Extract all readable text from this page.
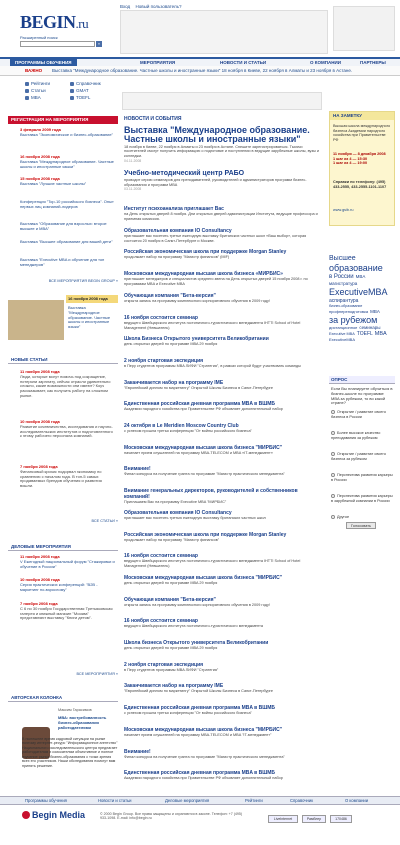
BEGIN.ru
Вход Новый пользователь?
Расширенный поиск
»
ПРОГРАММЫ ОБУЧЕНИЯ	МЕРОПРИЯТИЯ	НОВОСТИ И СТАТЬИ	О КОМПАНИИ	ПАРТНЕРЫ
ВАЖНО Выставка "Международное образование. Частные школы и иностранные языки" 18 ноября в Киеве, 22 ноября в Алматы и 23 ноября в Астане.
Рейтинги	Справочник
Статьи	GMAT
MBA	TOEFL
РЕГИСТРАЦИЯ НА МЕРОПРИЯТИЯ
3 февраля 2009 года
Выставка "Экономическое и бизнес-образование"
16 ноября 2008 года
Выставка "Международное образование. Частные школы и иностранные языки"
15 ноября 2008 года
Выставка "Лучшие частные школы"
Конференция "Top-10 российского бизнеса". Опыт первых лиц компаний-лидеров
Выставка "Образование для взрослых: второе высшее и MBA"
Выставка "Высшее образование для вашей дети"
Выставка "Executive MBA и обучение для топ менеджеров"
ВСЕ МЕРОПРИЯТИЯ BEGIN GROUP »
16 ноября 2008 года
Выставка "Международное образование. Частные школы и иностранные языки"
НОВЫЕ СТАТЬИ
11 ноября 2008 года
Люди, которые могут помочь под сокращение, потеряли зарплату, сейчас отрасли удивительно сложно, какие возможности они имеют? Коуч рассказывает, как получить работу на сложном рынке.
10 ноября 2008 года
Развитие кочевничества, исследования и научно-исследовательских институтов и подготовленного к этому рабочего персонала компаний.
7 ноября 2008 года
Финансовый кризис подорвал экономику по сравнению с началом года. В топ-5 самых продаваемых брендов обучения и развития вошли.
ВСЕ СТАТЬИ »
ДЕЛОВЫЕ МЕРОПРИЯТИЯ
11 ноября 2008 года
V Ежегодный национальный форум "Стажировки и обучение в России"
10 ноября 2008 года
Серия практических конференций: "B2B - маркетинг по-взрослому"
7 ноября 2008 года
С 6 по 30 ноября Государственная Третьяковская галерея и книжный магазин "Москва" представляют выставку "Книги детям".
ВСЕ МЕРОПРИЯТИЯ »
АВТОРСКАЯ КОЛОНКА
Максим Гарасимов
МВА: востребованность бизнес-образования работодателями
В нынешнее время кадровой ситуации на рынке поэтому интернет-ресурс "Информационное агентство" Национального исследовательского центра предлагает работодателям и соискателям объективное и полное изучение рынка бизнес-образования с точки зрения всех его участников. Наши обследования помогут вам принять решение.
НОВОСТИ И СОБЫТИЯ
Выставка "Международное образование. Частные школы и иностранные языки"
18 ноября в Киеве, 22 ноября в Алматы и 23 ноября в Астане. Спешите зарегистрироваться. Тысячи посетителей смогут получить информацию о подготовке и поступлении в ведущие зарубежные школы, вузы и колледжи.
04.11.2008
Учебно-методический центр РАБО
проводит серию семинаров для преподавателей, руководителей и администраторов программ бизнес-образования и программ MBA
03.11.2008
Институт психоанализа приглашает Вас
на День открытых дверей 8 ноября. Дни открытых дверей администрации Института, ведущие профессора и приемная комиссия.
Образовательная компания IO Consultancy
приглашает вас посетить третье ежегодную выставку британских частных школ «Ваш выбор», которая состоится 20 ноября в Санкт-Петербурге и Москве.
Российская экономическая школа при поддержке Morgan Stanley
продолжает набор на программу "Магистр финансов" (MIF)
Московская международная высшая школа бизнеса «МИРБИС»
приглашает менеджеров и специалистов среднего звена на День открытых дверей 15 ноября 2008 г. по программам MBA и Executive MBA
Обучающая компания "Бета-версия"
открыта запись на программу комплексного корпоративного обучения в 2009 году!
16 ноября состоится семинар
ведущего Швейцарского института гостиничного-туристического менеджмента IHTTI School of Hotel Management (Невшатель)
Школа Бизнеса Открытого университета Великобритании
день открытых дверей по программе MBA 29 ноября
2 ноября стартовая экспедиция
в Перу студентов программы MBA ЛИФИ "Стратегия", в рамках которой будут участвовать команды
Заканчивается набор на программу IME
"Европейский диплом по маркетингу" Открытой Школы Бизнеса в Санкт-Петербурге
Единственная российская дневная программа MBA в ВШМБ
Академии народного хозяйства при Правительстве РФ объявляет дополнительный набор
24 октября в Le Meridien Moscow Country Club
с успехом прошла третья конференция "От войны российского бизнеса"
Московская международная высшая школа бизнеса "МИРБИС"
начинает прием слушателей на программу MBA-TELECOM и MBA «IT-менеджмент»
Внимание!
Финал конкурса на получение гранта по программе "Магистр практического менеджмента"
Внимание генеральных директоров, руководителей и собственников компаний!
Приглашаем Вас на программу Executive MBA "МИРБИС"
Образовательная компания IO Consultancy
приглашает вас посетить третью ежегодную выставку британских частных школ
Российская экономическая школа при поддержке Morgan Stanley
продолжает набор на программу "Магистр финансов"
16 ноября состоится семинар
ведущего Швейцарского института гостиничного-туристического менеджмента IHTTI School of Hotel Management (Невшатель)
Московская международная высшая школа бизнеса "МИРБИС"
день открытых дверей по программе MBA 29 ноября
Обучающая компания "Бета-версия"
открыта запись на программу комплексного корпоративного обучения в 2009 году!
16 ноября состоится семинар
ведущего Швейцарского института гостиничного-туристического менеджмента
Школа бизнеса Открытого университета Великобритании
день открытых дверей по программе MBA 29 ноября
2 ноября стартовая экспедиция
в Перу студентов программы MBA ЛИФИ "Стратегия"
Заканчивается набор на программу IME
"Европейский диплом по маркетингу" Открытой Школы Бизнеса в Санкт-Петербурге
Единственная российская дневная программа MBA в ВШМБ
с успехом прошла третья конференция "От войны российского бизнеса"
Московская международная высшая школа бизнеса "МИРБИС"
начинает прием слушателей на программу MBA-TELECOM и MBA "IT-менеджмент"
Внимание!
Финал конкурса на получение гранта по программе "Магистр практического менеджмента"
Единственная российская дневная программа MBA в ВШМБ
Академии народного хозяйства при Правительстве РФ объявляет дополнительный набор
НА ЗАМЕТКУ
Высшая школа международного бизнеса Академии народного хозяйства при Правительстве РФ
11 ноября — 8 декабря 2008
1 шаг из 4 — 15:30
1 шаг из 4 — 19:00
Справки по телефону: (495) 433-2555, 433-2555-1101-1107
www.gsib.ru
Высшееобразованиев России MBAмагистратураExecutiveMBAаспирантурабизнес-образованиепрофпереподготовка MBAза рубежомдистанционное семинарыExecutive MBA TOEFL MBAExecutiveMBA
ОПРОС
Если Вы планируете обучиться в бизнес-школе по программе MBA за рубежом, то во какой стране?
Открытие / развитие своего бизнеса в России
Более высокое качество преподавания за рубежом
Открытие / развитие своего бизнеса за рубежом
Перспектива развития карьеры в России
Перспектива развития карьеры в зарубежной компании в России
Другое
Голосовать
Программы обучения	Новости и статьи	Деловые мероприятия	Рейтинги	Справочник	О компании
Begin Media	© 2000 Begin Group. Все права защищены и охраняются в законе. Телефон: +7 (495) 933-1098. E-mail: info@begin.ru	LiveInternet	Рамблер	170486
